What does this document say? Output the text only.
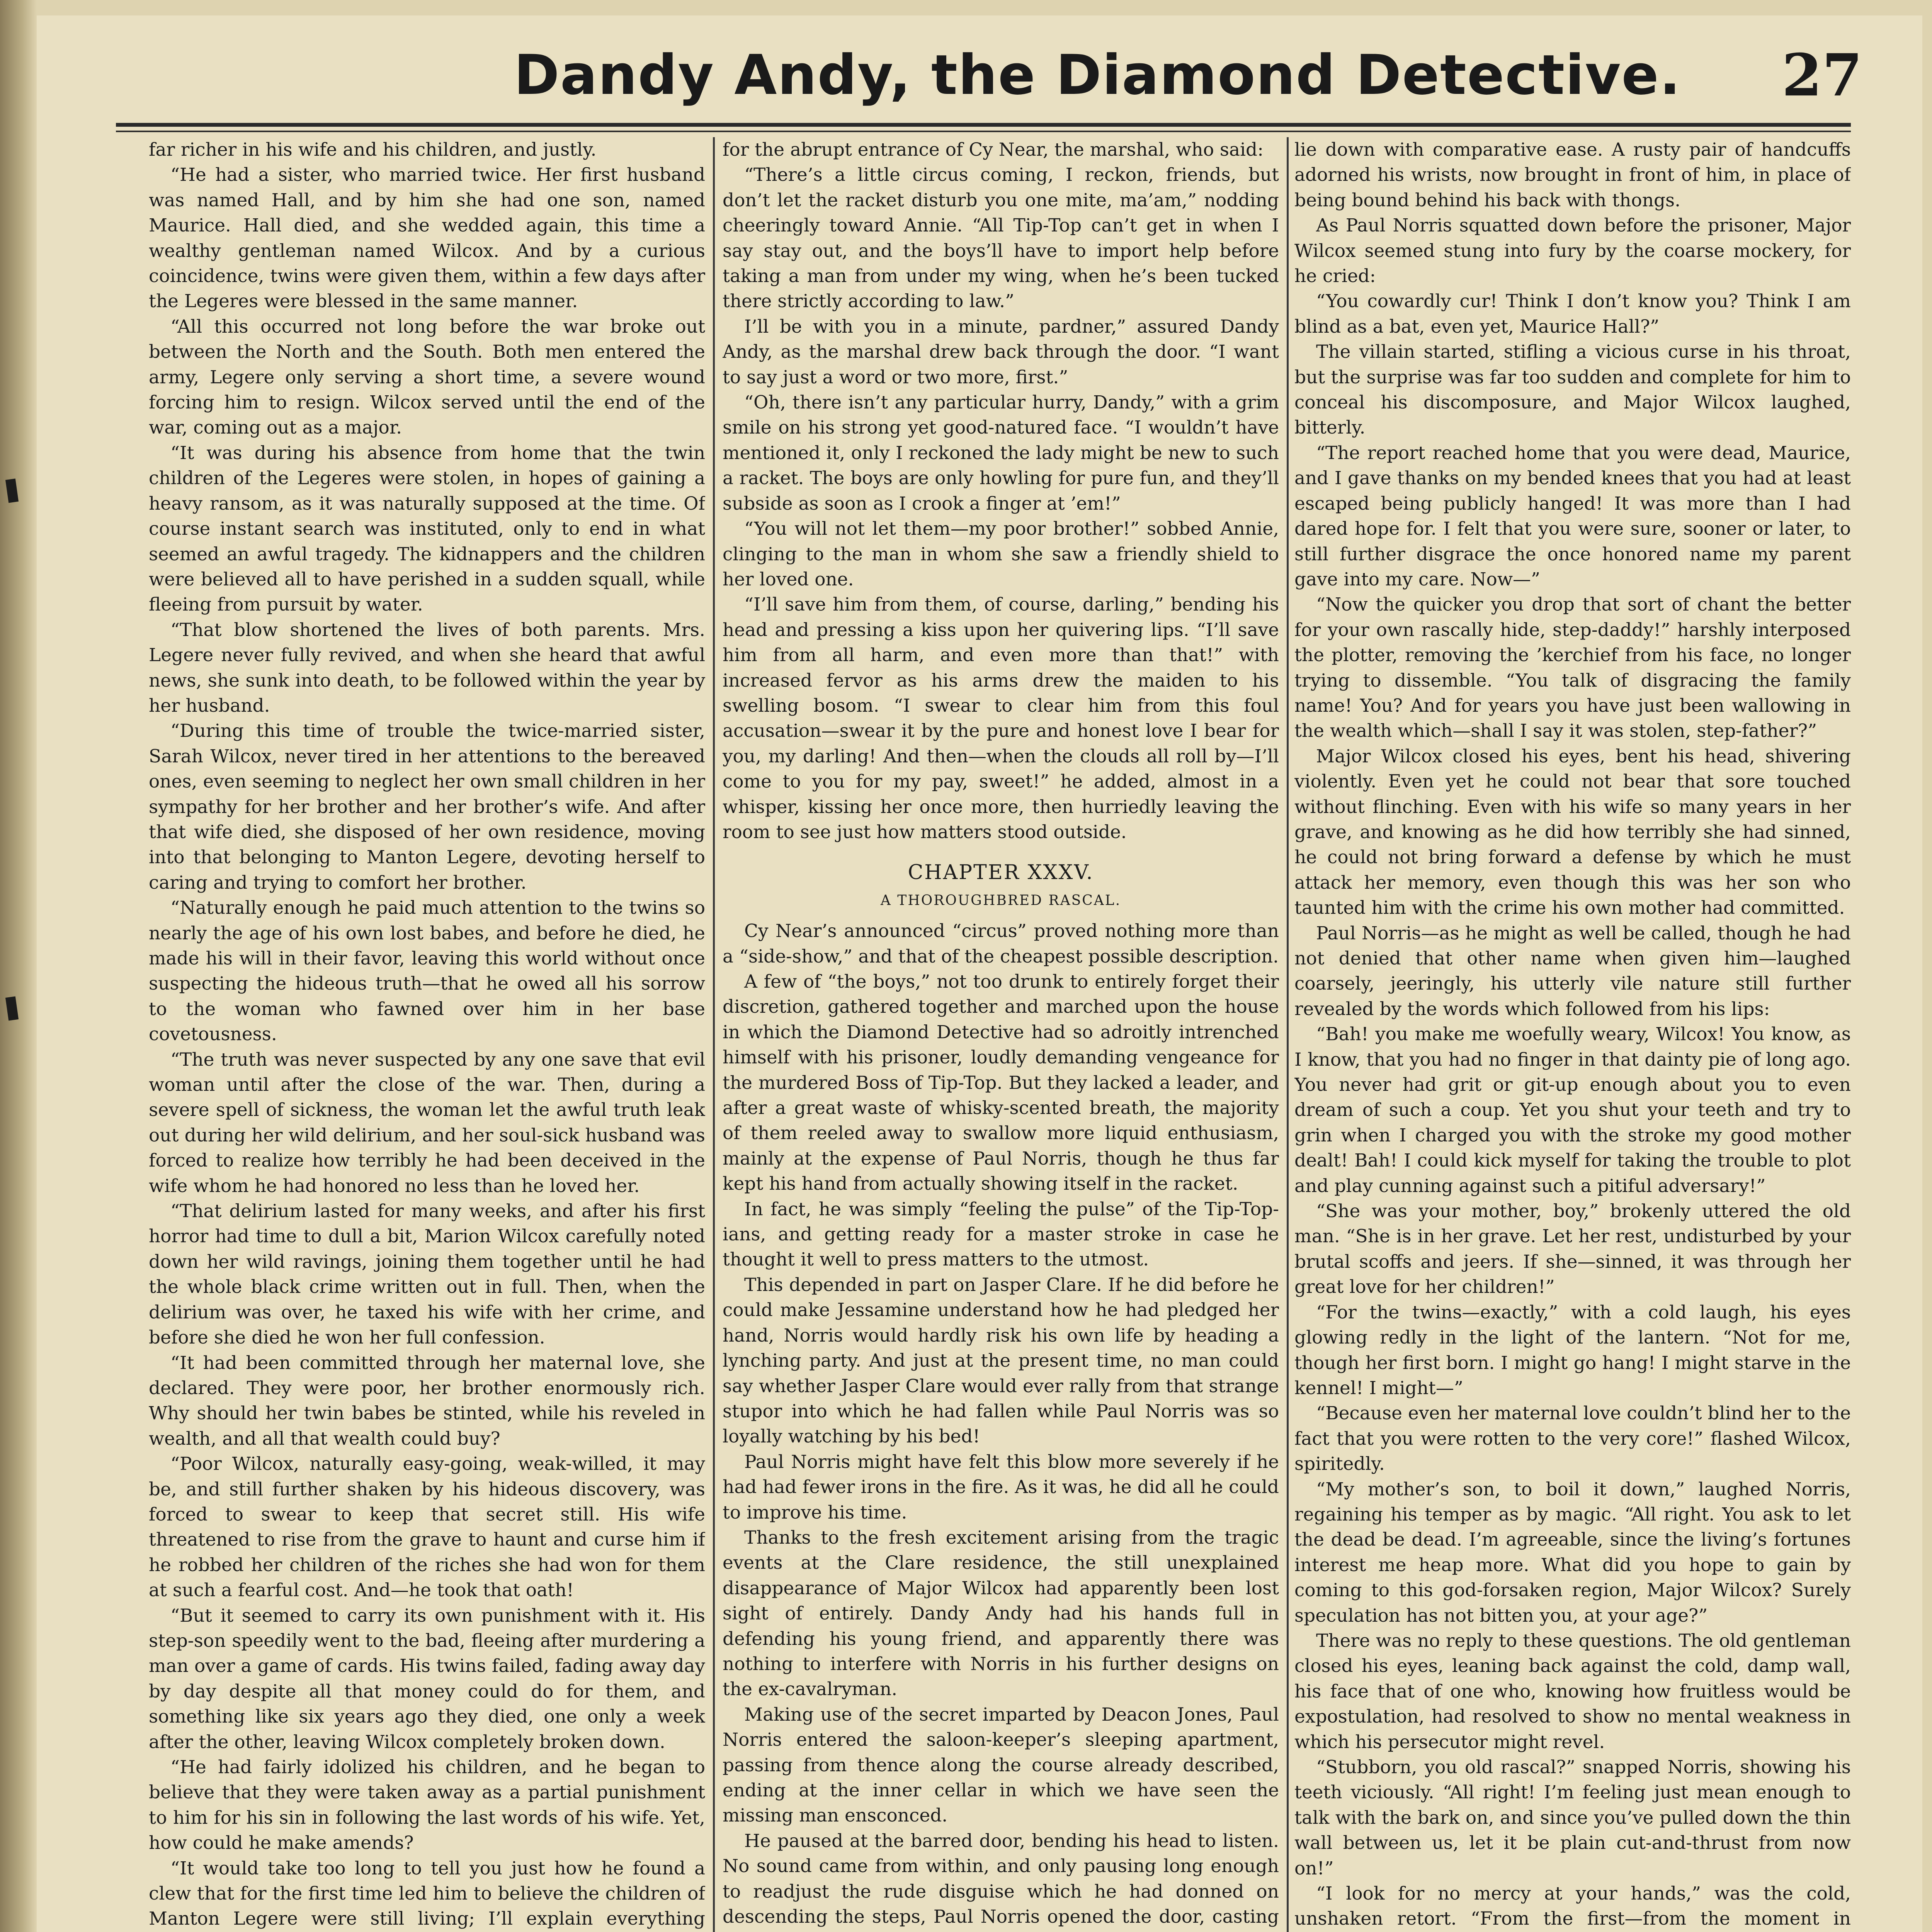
Dandy Andy, the Diamond Detective. 27

far richer in his wife and his children, and justly.

“He had a sister, who married twice. Her first husband was named Hall, and by him she had one son, named Maurice. Hall died, and she wedded again, this time a wealthy gentleman named Wilcox. And by a curious coincidence, twins were given them, within a few days after the Legeres were blessed in the same manner.

“All this occurred not long before the war broke out between the North and the South. Both men entered the army, Legere only serving a short time, a severe wound forcing him to resign. Wilcox served until the end of the war, coming out as a major.

“It was during his absence from home that the twin children of the Legeres were stolen, in hopes of gaining a heavy ransom, as it was naturally supposed at the time. Of course instant search was instituted, only to end in what seemed an awful tragedy. The kidnappers and the children were believed all to have perished in a sudden squall, while fleeing from pursuit by water.

“That blow shortened the lives of both parents. Mrs. Legere never fully revived, and when she heard that awful news, she sunk into death, to be followed within the year by her husband.

“During this time of trouble the twice-married sister, Sarah Wilcox, never tired in her attentions to the bereaved ones, even seeming to neglect her own small children in her sympathy for her brother and her brother’s wife. And after that wife died, she disposed of her own residence, moving into that belonging to Manton Legere, devoting herself to caring and trying to comfort her brother.

“Naturally enough he paid much attention to the twins so nearly the age of his own lost babes, and before he died, he made his will in their favor, leaving this world without once suspecting the hideous truth—that he owed all his sorrow to the woman who fawned over him in her base covetousness.

“The truth was never suspected by any one save that evil woman until after the close of the war. Then, during a severe spell of sickness, the woman let the awful truth leak out during her wild delirium, and her soul-sick husband was forced to realize how terribly he had been deceived in the wife whom he had honored no less than he loved her.

“That delirium lasted for many weeks, and after his first horror had time to dull a bit, Marion Wilcox carefully noted down her wild ravings, joining them together until he had the whole black crime written out in full. Then, when the delirium was over, he taxed his wife with her crime, and before she died he won her full confession.

“It had been committed through her maternal love, she declared. They were poor, her brother enormously rich. Why should her twin babes be stinted, while his reveled in wealth, and all that wealth could buy?

“Poor Wilcox, naturally easy-going, weak-willed, it may be, and still further shaken by his hideous discovery, was forced to swear to keep that secret still. His wife threatened to rise from the grave to haunt and curse him if he robbed her children of the riches she had won for them at such a fearful cost. And—he took that oath!

“But it seemed to carry its own punishment with it. His step-son speedily went to the bad, fleeing after murdering a man over a game of cards. His twins failed, fading away day by day despite all that money could do for them, and something like six years ago they died, one only a week after the other, leaving Wilcox completely broken down.

“He had fairly idolized his children, and he began to believe that they were taken away as a partial punishment to him for his sin in following the last words of his wife. Yet, how could he make amends?

“It would take too long to tell you just how he found a clew that for the first time led him to believe the children of Manton Legere were still living; I’ll explain everything

for the abrupt entrance of Cy Near, the marshal, who said:

“There’s a little circus coming, I reckon, friends, but don’t let the racket disturb you one mite, ma’am,” nodding cheeringly toward Annie. “All Tip-Top can’t get in when I say stay out, and the boys’ll have to import help before taking a man from under my wing, when he’s been tucked there strictly according to law.”

I’ll be with you in a minute, pardner,” assured Dandy Andy, as the marshal drew back through the door. “I want to say just a word or two more, first.”

“Oh, there isn’t any particular hurry, Dandy,” with a grim smile on his strong yet good-natured face. “I wouldn’t have mentioned it, only I reckoned the lady might be new to such a racket. The boys are only howling for pure fun, and they’ll subside as soon as I crook a finger at ’em!”

“You will not let them—my poor brother!” sobbed Annie, clinging to the man in whom she saw a friendly shield to her loved one.

“I’ll save him from them, of course, darling,” bending his head and pressing a kiss upon her quivering lips. “I’ll save him from all harm, and even more than that!” with increased fervor as his arms drew the maiden to his swelling bosom. “I swear to clear him from this foul accusation—swear it by the pure and honest love I bear for you, my darling! And then—when the clouds all roll by—I’ll come to you for my pay, sweet!” he added, almost in a whisper, kissing her once more, then hurriedly leaving the room to see just how matters stood outside.

CHAPTER XXXV.
A THOROUGHBRED RASCAL.

Cy Near’s announced “circus” proved nothing more than a “side-show,” and that of the cheapest possible description.

A few of “the boys,” not too drunk to entirely forget their discretion, gathered together and marched upon the house in which the Diamond Detective had so adroitly intrenched himself with his prisoner, loudly demanding vengeance for the murdered Boss of Tip-Top. But they lacked a leader, and after a great waste of whisky-scented breath, the majority of them reeled away to swallow more liquid enthusiasm, mainly at the expense of Paul Norris, though he thus far kept his hand from actually showing itself in the racket.

In fact, he was simply “feeling the pulse” of the Tip-Top-ians, and getting ready for a master stroke in case he thought it well to press matters to the utmost.

This depended in part on Jasper Clare. If he did before he could make Jessamine understand how he had pledged her hand, Norris would hardly risk his own life by heading a lynching party. And just at the present time, no man could say whether Jasper Clare would ever rally from that strange stupor into which he had fallen while Paul Norris was so loyally watching by his bed!

Paul Norris might have felt this blow more severely if he had had fewer irons in the fire. As it was, he did all he could to improve his time.

Thanks to the fresh excitement arising from the tragic events at the Clare residence, the still unexplained disappearance of Major Wilcox had apparently been lost sight of entirely. Dandy Andy had his hands full in defending his young friend, and apparently there was nothing to interfere with Norris in his further designs on the ex-cavalryman.

Making use of the secret imparted by Deacon Jones, Paul Norris entered the saloon-keeper’s sleeping apartment, passing from thence along the course already described, ending at the inner cellar in which we have seen the missing man ensconced.

He paused at the barred door, bending his head to listen. No sound came from within, and only pausing long enough to readjust the rude disguise which he had donned on descending the steps, Paul Norris opened the door, casting

lie down with comparative ease. A rusty pair of handcuffs adorned his wrists, now brought in front of him, in place of being bound behind his back with thongs.

As Paul Norris squatted down before the prisoner, Major Wilcox seemed stung into fury by the coarse mockery, for he cried:

“You cowardly cur! Think I don’t know you? Think I am blind as a bat, even yet, Maurice Hall?”

The villain started, stifling a vicious curse in his throat, but the surprise was far too sudden and complete for him to conceal his discomposure, and Major Wilcox laughed, bitterly.

“The report reached home that you were dead, Maurice, and I gave thanks on my bended knees that you had at least escaped being publicly hanged! It was more than I had dared hope for. I felt that you were sure, sooner or later, to still further disgrace the once honored name my parent gave into my care. Now—”

“Now the quicker you drop that sort of chant the better for your own rascally hide, step-daddy!” harshly interposed the plotter, removing the ’kerchief from his face, no longer trying to dissemble. “You talk of disgracing the family name! You? And for years you have just been wallowing in the wealth which—shall I say it was stolen, step-father?”

Major Wilcox closed his eyes, bent his head, shivering violently. Even yet he could not bear that sore touched without flinching. Even with his wife so many years in her grave, and knowing as he did how terribly she had sinned, he could not bring forward a defense by which he must attack her memory, even though this was her son who taunted him with the crime his own mother had committed.

Paul Norris—as he might as well be called, though he had not denied that other name when given him—laughed coarsely, jeeringly, his utterly vile nature still further revealed by the words which followed from his lips:

“Bah! you make me woefully weary, Wilcox! You know, as I know, that you had no finger in that dainty pie of long ago. You never had grit or git-up enough about you to even dream of such a coup. Yet you shut your teeth and try to grin when I charged you with the stroke my good mother dealt! Bah! I could kick myself for taking the trouble to plot and play cunning against such a pitiful adversary!”

“She was your mother, boy,” brokenly uttered the old man. “She is in her grave. Let her rest, undisturbed by your brutal scoffs and jeers. If she—sinned, it was through her great love for her children!”

“For the twins—exactly,” with a cold laugh, his eyes glowing redly in the light of the lantern. “Not for me, though her first born. I might go hang! I might starve in the kennel! I might—”

“Because even her maternal love couldn’t blind her to the fact that you were rotten to the very core!” flashed Wilcox, spiritedly.

“My mother’s son, to boil it down,” laughed Norris, regaining his temper as by magic. “All right. You ask to let the dead be dead. I’m agreeable, since the living’s fortunes interest me heap more. What did you hope to gain by coming to this god-forsaken region, Major Wilcox? Surely speculation has not bitten you, at your age?”

There was no reply to these questions. The old gentleman closed his eyes, leaning back against the cold, damp wall, his face that of one who, knowing how fruitless would be expostulation, had resolved to show no mental weakness in which his persecutor might revel.

“Stubborn, you old rascal?” snapped Norris, showing his teeth viciously. “All right! I’m feeling just mean enough to talk with the bark on, and since you’ve pulled down the thin wall between us, let it be plain cut-and-thrust from now on!”

“I look for no mercy at your hands,” was the cold, unshaken retort. “From the first—from the moment in
